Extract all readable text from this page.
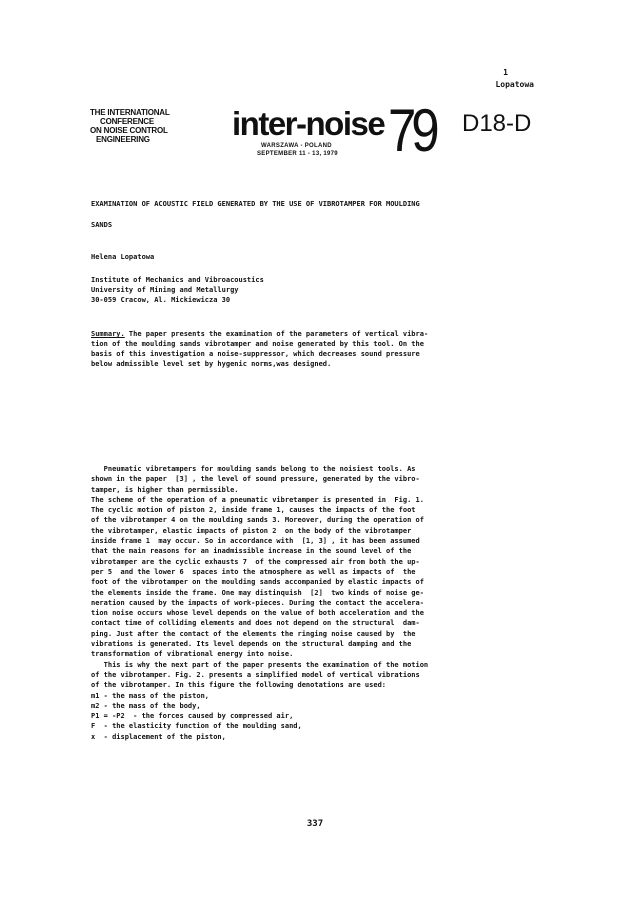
1
Lopatowa
THE INTERNATIONAL
CONFERENCE
ON NOISE CONTROL
ENGINEERING	inter-noise
WARSZAWA - POLAND
SEPTEMBER 11 - 13, 1979 79 D18-D
EXAMINATION OF ACOUSTIC FIELD GENERATED BY THE USE OF VIBROTAMPER FOR MOULDING
SANDS
Helena Lopatowa
Institute of Mechanics and Vibroacoustics
University of Mining and Metallurgy
30-059 Cracow, Al. Mickiewicza 30
Summary. The paper presents the examination of the parameters of vertical vibra-
tion of the moulding sands vibrotamper and noise generated by this tool. On the
basis of this investigation a noise-suppressor, which decreases sound pressure
below admissible level set by hygenic norms,was designed.
Pneumatic vibretampers for moulding sands belong to the noisiest tools. As
shown in the paper  [3] , the level of sound pressure, generated by the vibro-
tamper, is higher than permissible.
The scheme of the operation of a pneumatic vibretamper is presented in  Fig. 1.
The cyclic motion of piston 2, inside frame 1, causes the impacts of the foot
of the vibrotamper 4 on the moulding sands 3. Moreover, during the operation of
the vibrotamper, elastic impacts of piston 2  on the body of the vibrotamper
inside frame 1  may occur. So in accordance with  [1, 3] , it has been assumed
that the main reasons for an inadmissible increase in the sound level of the
vibrotamper are the cyclic exhausts 7  of the compressed air from both the up-
per 5  and the lower 6  spaces into the atmosphere as well as impacts of  the
foot of the vibrotamper on the moulding sands accompanied by elastic impacts of
the elements inside the frame. One may distinquish  [2]  two kinds of noise ge-
neration caused by the impacts of work-pieces. During the contact the accelera-
tion noise occurs whose level depends on the value of both acceleration and the
contact time of colliding elements and does not depend on the structural  dam-
ping. Just after the contact of the elements the ringing noise caused by  the
vibrations is generated. Its level depends on the structural damping and the
transformation of vibrational energy into noise.
This is why the next part of the paper presents the examination of the motion
of the vibrotamper. Fig. 2. presents a simplified model of vertical vibrations
of the vibrotamper. In this figure the following denotations are used:
m1 - the mass of the piston,
m2 - the mass of the body,
P1 = -P2  - the forces caused by compressed air,
F  - the elasticity function of the moulding sand,
x  - displacement of the piston,
337
